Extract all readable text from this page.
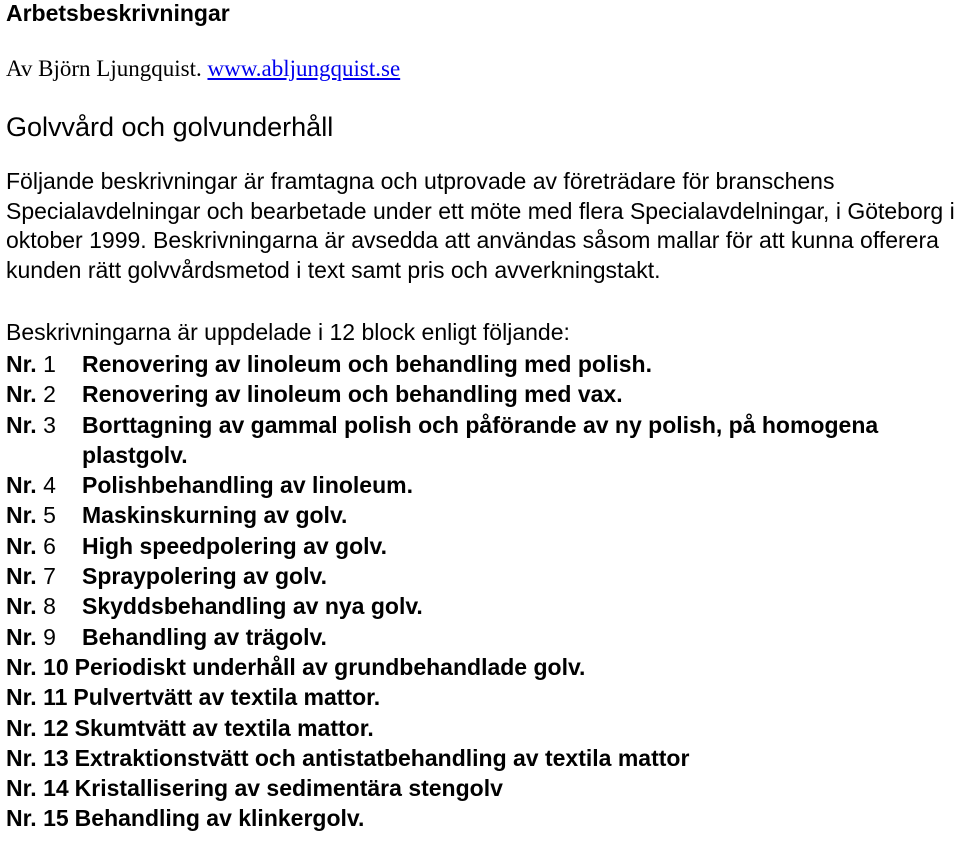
Arbetsbeskrivningar
Av Björn Ljungquist. www.abljungquist.se
Golvvård och golvunderhåll

Följande beskrivningar är framtagna och utprovade av företrädare för branschens Specialavdelningar och bearbetade under ett möte med flera Specialavdelningar, i Göteborg i oktober 1999. Beskrivningarna är avsedda att användas såsom mallar för att kunna offerera kunden rätt golvvårdsmetod i text samt pris och avverkningstakt.

Beskrivningarna är uppdelade i 12 block enligt följande:
Nr. 1	Renovering av linoleum och behandling med polish.
Nr. 2	Renovering av linoleum och behandling med vax.
Nr. 3	Borttagning av gammal polish och påförande av ny polish, på homogena plastgolv.
Nr. 4	Polishbehandling av linoleum.
Nr. 5	Maskinskurning av golv.
Nr. 6	High speedpolering av golv.
Nr. 7	Spraypolering av golv.
Nr. 8	Skyddsbehandling av nya golv.
Nr. 9	Behandling av trägolv.
Nr. 10 Periodiskt underhåll av grundbehandlade golv.
Nr. 11 Pulvertvätt av textila mattor.
Nr. 12 Skumtvätt av textila mattor.
Nr. 13 Extraktionstvätt och antistatbehandling av textila mattor
Nr. 14 Kristallisering av sedimentära stengolv
Nr. 15 Behandling av klinkergolv.
